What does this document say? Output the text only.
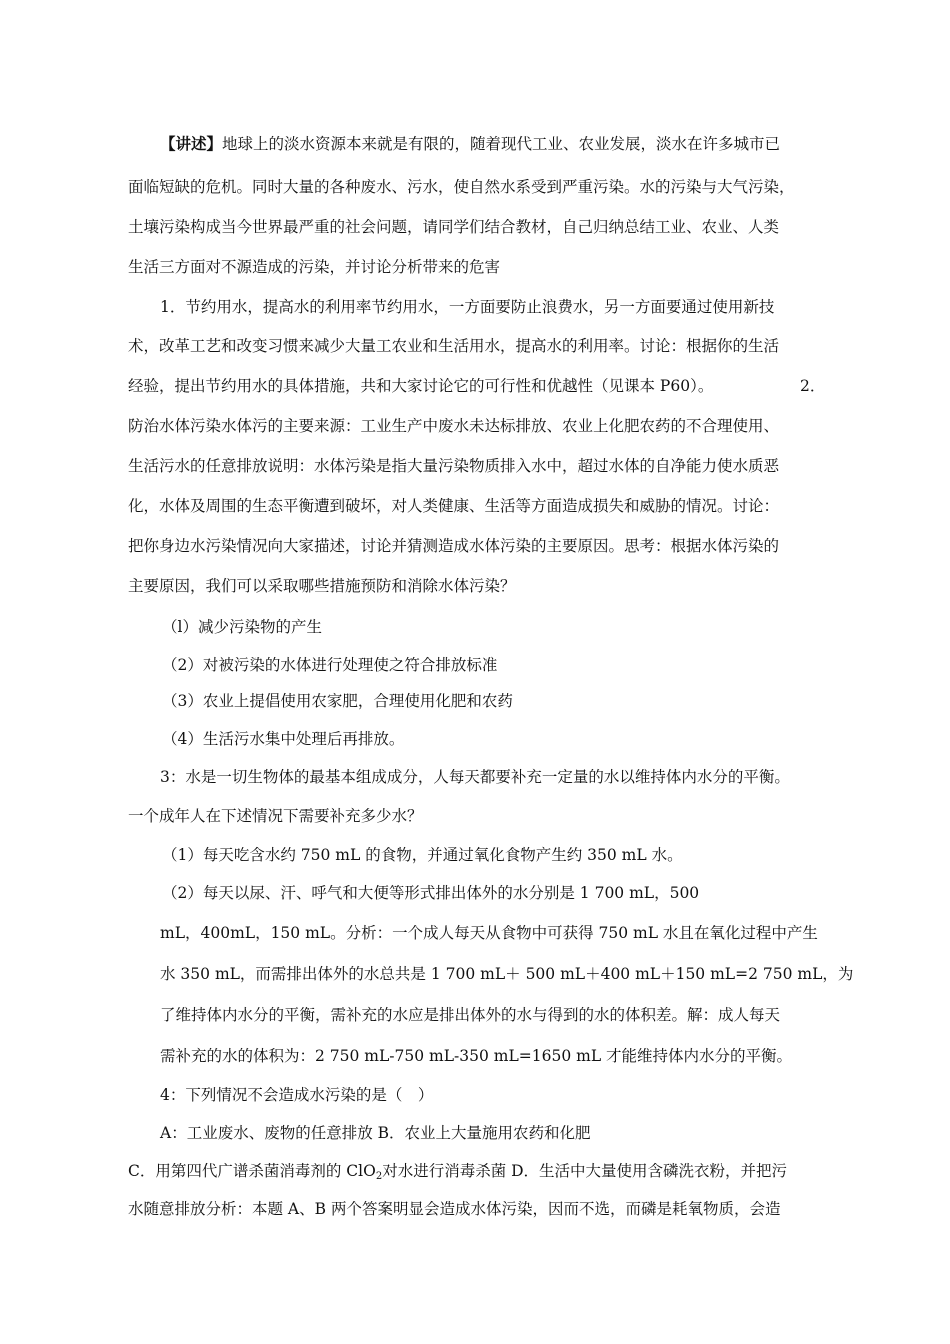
【讲述】地球上的淡水资源本来就是有限的，随着现代工业、农业发展，淡水在许多城市已
面临短缺的危机。同时大量的各种废水、污水，使自然水系受到严重污染。水的污染与大气污染，
土壤污染构成当今世界最严重的社会问题，请同学们结合教材，自己归纳总结工业、农业、人类
生活三方面对不源造成的污染，并讨论分析带来的危害
1．节约用水，提高水的利用率节约用水，一方面要防止浪费水，另一方面要通过使用新技
术，改革工艺和改变习惯来减少大量工农业和生活用水，提高水的利用率。讨论：根据你的生活
经验，提出节约用水的具体措施，共和大家讨论它的可行性和优越性（见课本 P60）。	2．
防治水体污染水体污的主要来源：工业生产中废水未达标排放、农业上化肥农药的不合理使用、
生活污水的任意排放说明：水体污染是指大量污染物质排入水中，超过水体的自净能力使水质恶
化，水体及周围的生态平衡遭到破坏，对人类健康、生活等方面造成损失和威胁的情况。讨论：
把你身边水污染情况向大家描述，讨论并猜测造成水体污染的主要原因。思考：根据水体污染的
主要原因，我们可以采取哪些措施预防和消除水体污染？
（l）减少污染物的产生
（2）对被污染的水体进行处理使之符合排放标准
（3）农业上提倡使用农家肥，合理使用化肥和农药
（4）生活污水集中处理后再排放。
3：水是一切生物体的最基本组成成分，人每天都要补充一定量的水以维持体内水分的平衡。
一个成年人在下述情况下需要补充多少水？
（1）每天吃含水约 750 mL 的食物，并通过氧化食物产生约 350 mL 水。
（2）每天以尿、汗、呼气和大便等形式排出体外的水分别是 1 700 mL，500
mL，400mL，150 mL。分析：一个成人每天从食物中可获得 750 mL 水且在氧化过程中产生
水 350 mL，而需排出体外的水总共是 1 700 mL＋ 500 mL＋400 mL＋150 mL=2 750 mL，为
了维持体内水分的平衡，需补充的水应是排出体外的水与得到的水的体积差。解：成人每天
需补充的水的体积为：2 750 mL-750 mL-350 mL=1650 mL 才能维持体内水分的平衡。
4：下列情况不会造成水污染的是（　）
A：工业废水、废物的任意排放 B．农业上大量施用农药和化肥
C．用第四代广谱杀菌消毒剂的 ClO$_2$对水进行消毒杀菌 D．生活中大量使用含磷洗衣粉，并把污
水随意排放分析：本题 A、B 两个答案明显会造成水体污染，因而不选，而磷是耗氧物质，会造
